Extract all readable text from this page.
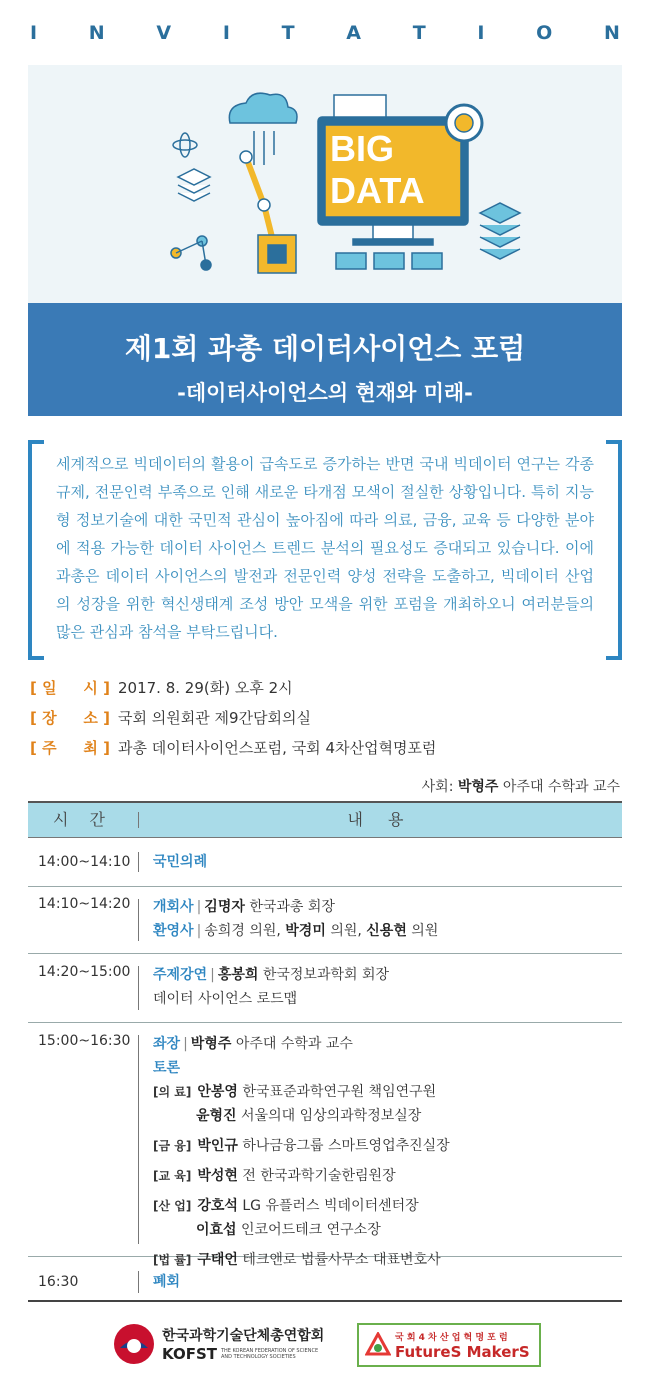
I	N	V	I	T	A	T	I	O	N
BIG
DATA
제1회 과총 데이터사이언스 포럼
-데이터사이언스의 현재와 미래-

세계적으로 빅데이터의 활용이 급속도로 증가하는 반면 국내 빅데이터 연구는 각종 규제, 전문인력 부족으로 인해 새로운 타개점 모색이 절실한 상황입니다. 특히 지능형 정보기술에 대한 국민적 관심이 높아짐에 따라 의료, 금융, 교육 등 다양한 분야에 적용 가능한 데이터 사이언스 트렌드 분석의 필요성도 증대되고 있습니다. 이에 과총은 데이터 사이언스의 발전과 전문인력 양성 전략을 도출하고, 빅데이터 산업의 성장을 위한 혁신생태계 조성 방안 모색을 위한 포럼을 개최하오니 여러분들의 많은 관심과 참석을 부탁드립니다.

[ 일 시 ] 2017. 8. 29(화) 오후 2시
[ 장 소 ] 국회 의원회관 제9간담회의실
[ 주 최 ] 과총 데이터사이언스포럼, 국회 4차산업혁명포럼
사회: 박형주 아주대 수학과 교수
시 간	내 용
14:00~14:10	국민의례
14:10~14:20	개회사 | 김명자 한국과총 회장
환영사 | 송희경 의원, 박경미 의원, 신용현 의원
14:20~15:00	주제강연 | 홍봉희 한국정보과학회 회장
데이터 사이언스 로드맵
15:00~16:30	좌장 | 박형주 아주대 수학과 교수
토론
[의 료] 안봉영 한국표준과학연구원 책임연구원
윤형진 서울의대 임상의과학정보실장
[금 융] 박인규 하나금융그룹 스마트영업추진실장
[교 육] 박성현 전 한국과학기술한림원장
[산 업] 강호석 LG 유플러스 빅데이터센터장
이효섭 인코어드테크 연구소장
[법 률] 구태언 테크앤로 법률사무소 대표변호사
16:30	폐회
한국과학기술단체총연합회
KOFST THE KOREAN FEDERATION OF SCIENCE
AND TECHNOLOGY SOCIETIES
국 회 4 차 산 업 혁 명 포 럼
FutureS MakerS
